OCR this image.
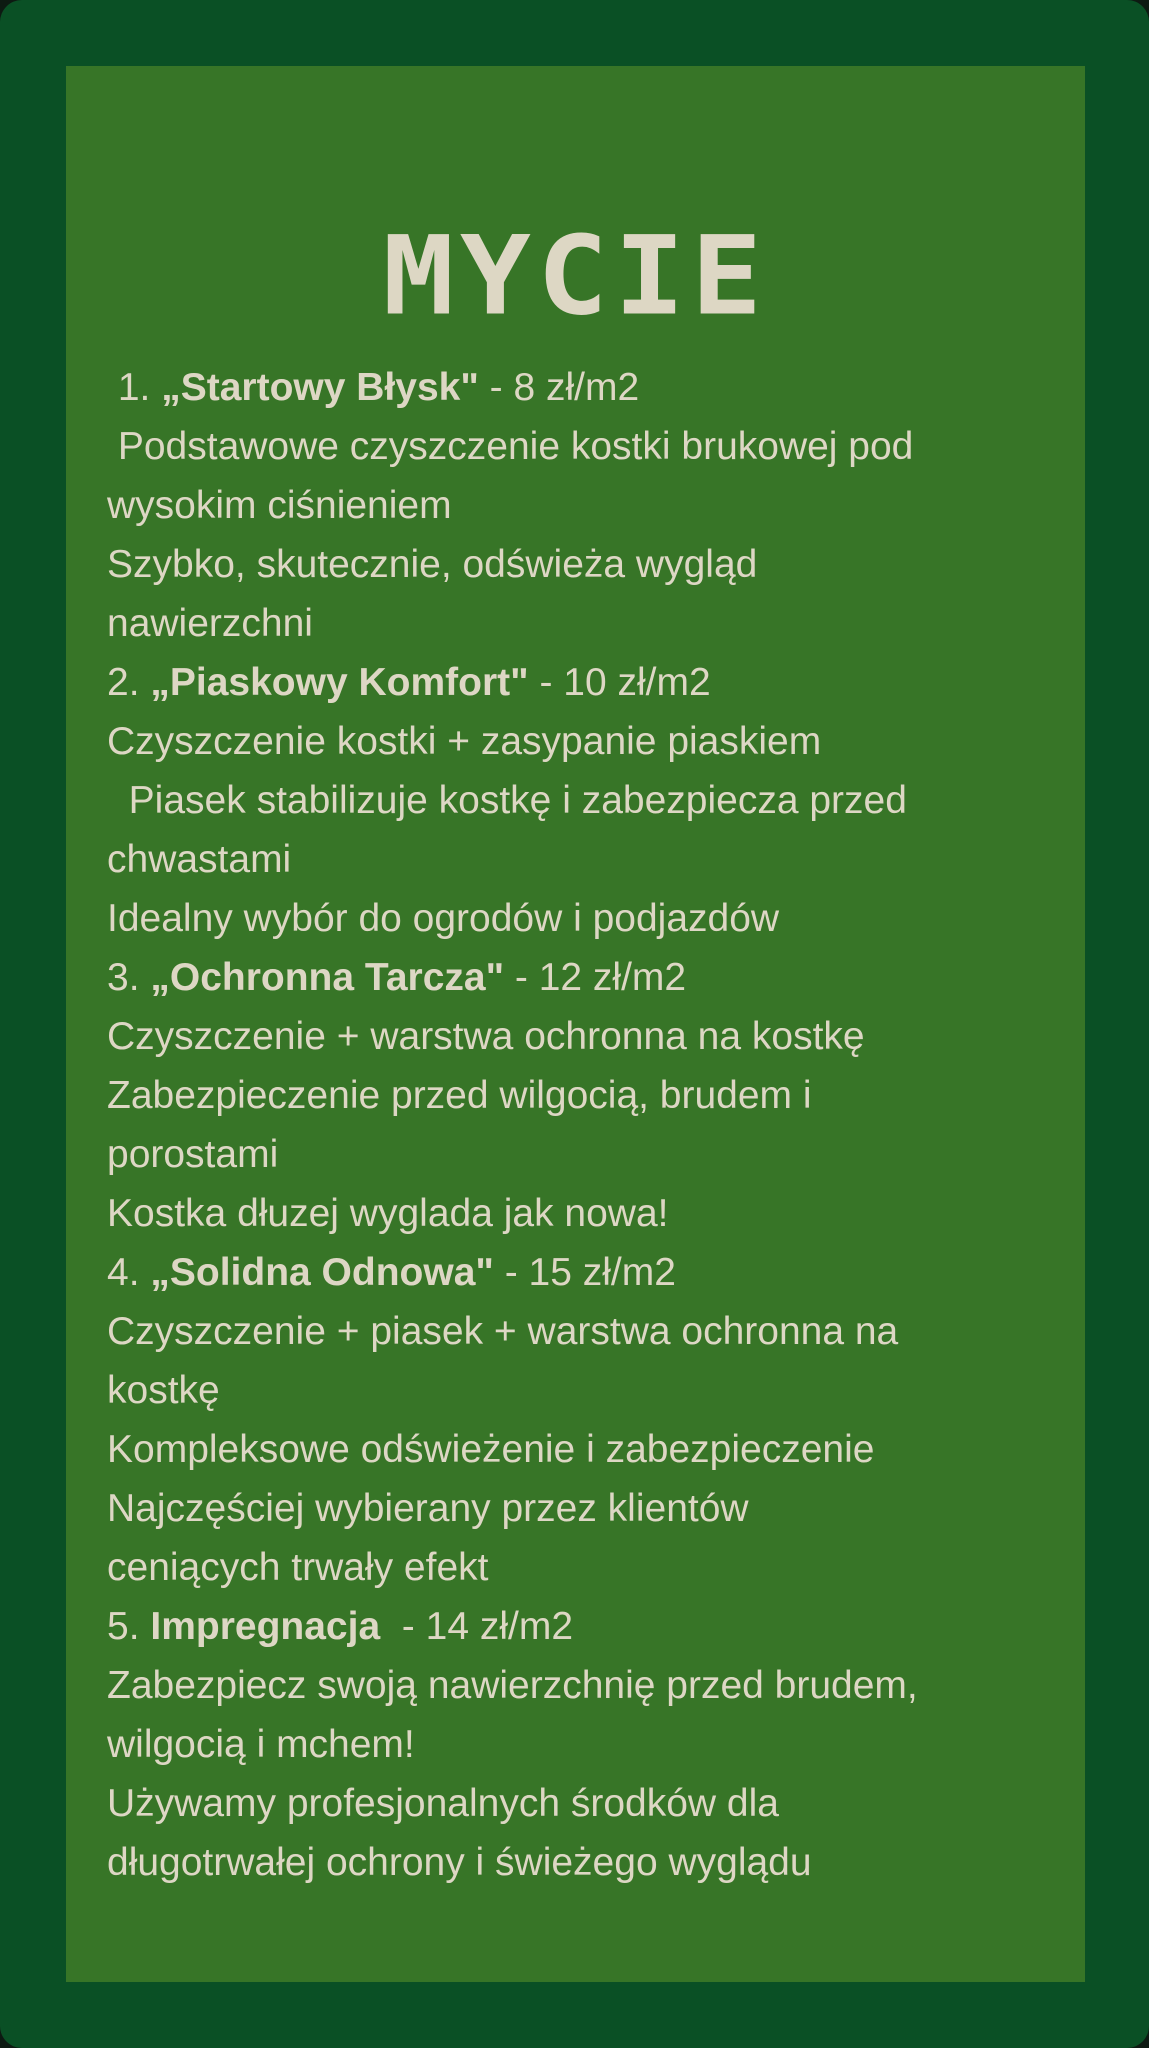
MYCIE
1. „Startowy Błysk" - 8 zł/m2
Podstawowe czyszczenie kostki brukowej pod
wysokim ciśnieniem
Szybko, skutecznie, odświeża wygląd
nawierzchni
2. „Piaskowy Komfort" - 10 zł/m2
Czyszczenie kostki + zasypanie piaskiem
Piasek stabilizuje kostkę i zabezpiecza przed
chwastami
Idealny wybór do ogrodów i podjazdów
3. „Ochronna Tarcza" - 12 zł/m2
Czyszczenie + warstwa ochronna na kostkę
Zabezpieczenie przed wilgocią, brudem i
porostami
Kostka dłuzej wyglada jak nowa!
4. „Solidna Odnowa" - 15 zł/m2
Czyszczenie + piasek + warstwa ochronna na
kostkę
Kompleksowe odświeżenie i zabezpieczenie
Najczęściej wybierany przez klientów
ceniących trwały efekt
5. Impregnacja  - 14 zł/m2
Zabezpiecz swoją nawierzchnię przed brudem,
wilgocią i mchem!
Używamy profesjonalnych środków dla
długotrwałej ochrony i świeżego wyglądu
